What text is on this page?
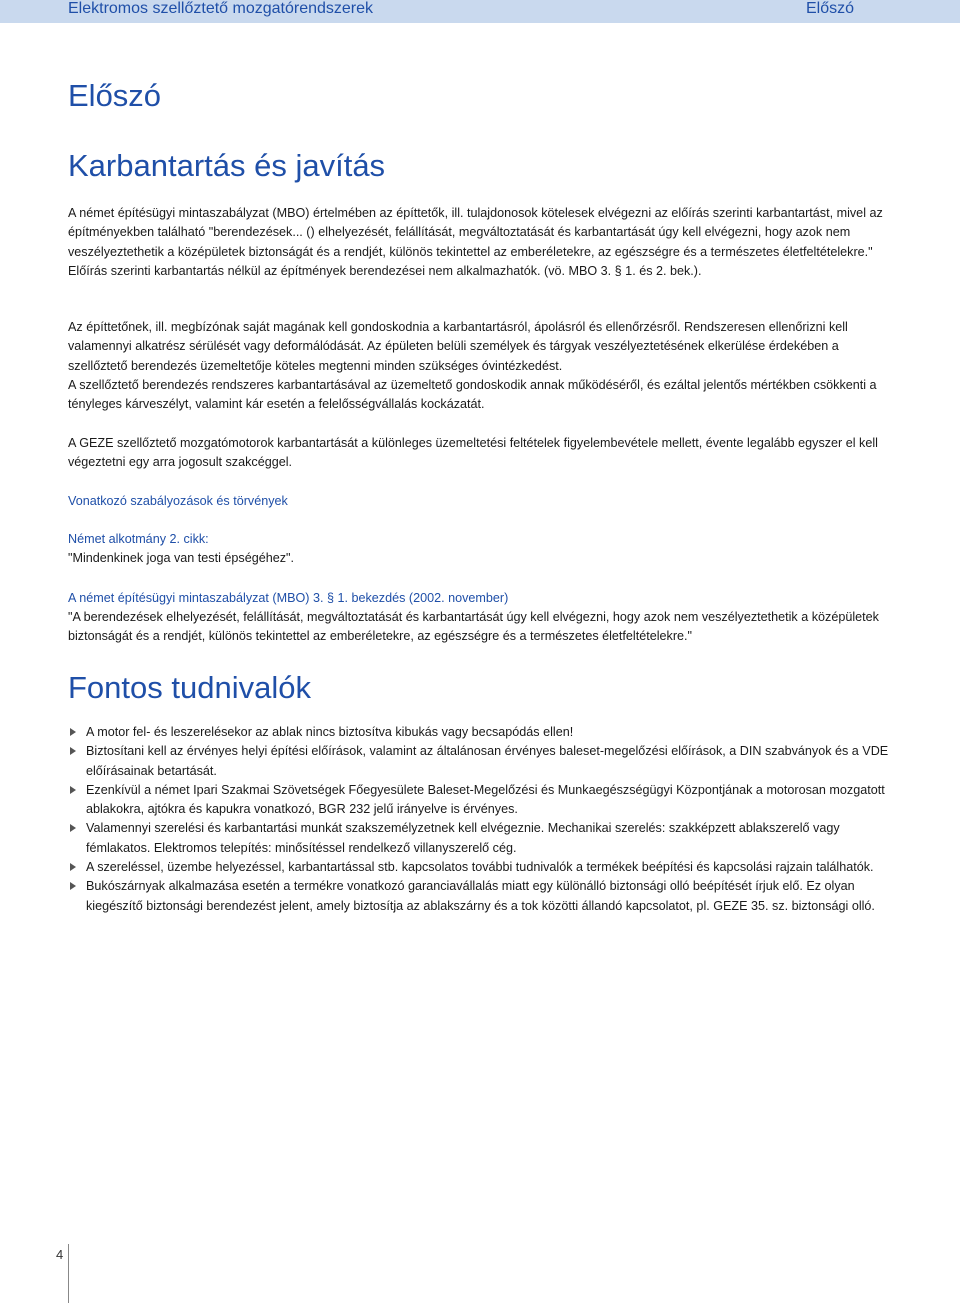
Elektromos szellőztető mozgatórendszerek	Előszó
Előszó
Karbantartás és javítás

A német építésügyi mintaszabályzat (MBO) értelmében az építtetők, ill. tulajdonosok kötelesek elvégezni az előírás szerinti karbantartást, mivel az építményekben található "berendezések... () elhelyezését, felállítását, megváltoztatását és karbantartását úgy kell elvégezni, hogy azok nem veszélyeztethetik a középületek biztonságát és a rendjét, különös tekintettel az emberéletekre, az egészségre és a természetes életfeltételekre." Előírás szerinti karbantartás nélkül az építmények berendezései nem alkalmazhatók. (vö. MBO 3. § 1. és 2. bek.).

Az építtetőnek, ill. megbízónak saját magának kell gondoskodnia a karbantartásról, ápolásról és ellenőrzésről. Rendszeresen ellenőrizni kell valamennyi alkatrész sérülését vagy deformálódását. Az épületen belüli személyek és tárgyak veszélyeztetésének elkerülése érdekében a szellőztető berendezés üzemeltetője köteles megtenni minden szükséges óvintézkedést.

A szellőztető berendezés rendszeres karbantartásával az üzemeltető gondoskodik annak működéséről, és ezáltal jelentős mértékben csökkenti a tényleges kárveszélyt, valamint kár esetén a felelősségvállalás kockázatát.

A GEZE szellőztető mozgatómotorok karbantartását a különleges üzemeltetési feltételek figyelembevétele mellett, évente legalább egyszer el kell végeztetni egy arra jogosult szakcéggel.

Vonatkozó szabályozások és törvények

Német alkotmány 2. cikk:

"Mindenkinek joga van testi épségéhez".

A német építésügyi mintaszabályzat (MBO) 3. § 1. bekezdés (2002. november)

"A berendezések elhelyezését, felállítását, megváltoztatását és karbantartását úgy kell elvégezni, hogy azok nem veszélyeztethetik a középületek biztonságát és a rendjét, különös tekintettel az emberéletekre, az egészségre és a természetes életfeltételekre."

Fontos tudnivalók
A motor fel- és leszerelésekor az ablak nincs biztosítva kibukás vagy becsapódás ellen!
Biztosítani kell az érvényes helyi építési előírások, valamint az általánosan érvényes baleset-megelőzési előírások, a DIN szabványok és a VDE előírásainak betartását.
Ezenkívül a német Ipari Szakmai Szövetségek Főegyesülete Baleset-Megelőzési és Munkaegészségügyi Központjának a motorosan mozgatott ablakokra, ajtókra és kapukra vonatkozó, BGR 232 jelű irányelve is érvényes.
Valamennyi szerelési és karbantartási munkát szakszemélyzetnek kell elvégeznie. Mechanikai szerelés: szakképzett ablakszerelő vagy fémlakatos. Elektromos telepítés: minősítéssel rendelkező villanyszerelő cég.
A szereléssel, üzembe helyezéssel, karbantartással stb. kapcsolatos további tudnivalók a termékek beépítési és kapcsolási rajzain találhatók.
Bukószárnyak alkalmazása esetén a termékre vonatkozó garanciavállalás miatt egy különálló biztonsági olló beépítését írjuk elő. Ez olyan kiegészítő biztonsági berendezést jelent, amely biztosítja az ablakszárny és a tok közötti állandó kapcsolatot, pl. GEZE 35. sz. biztonsági olló.
4
